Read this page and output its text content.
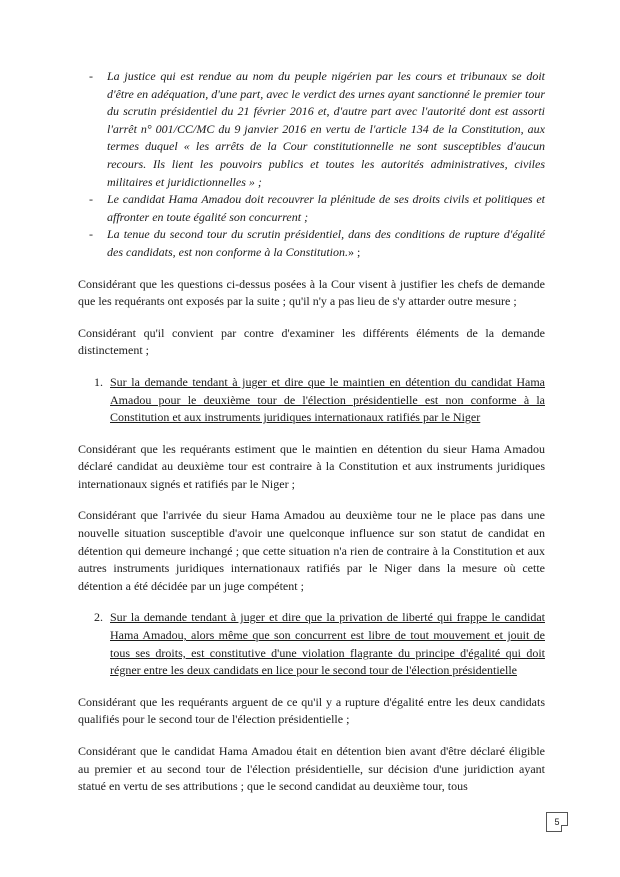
- La justice qui est rendue au nom du peuple nigérien par les cours et tribunaux se doit d'être en adéquation, d'une part, avec le verdict des urnes ayant sanctionné le premier tour du scrutin présidentiel du 21 février 2016 et, d'autre part avec l'autorité dont est assorti l'arrêt n° 001/CC/MC du 9 janvier 2016 en vertu de l'article 134 de la Constitution, aux termes duquel « les arrêts de la Cour constitutionnelle ne sont susceptibles d'aucun recours. Ils lient les pouvoirs publics et toutes les autorités administratives, civiles militaires et juridictionnelles » ;
- Le candidat Hama Amadou doit recouvrer la plénitude de ses droits civils et politiques et affronter en toute égalité son concurrent ;
- La tenue du second tour du scrutin présidentiel, dans des conditions de rupture d'égalité des candidats, est non conforme à la Constitution.» ;

Considérant que les questions ci-dessus posées à la Cour visent à justifier les chefs de demande que les requérants ont exposés par la suite ; qu'il n'y a pas lieu de s'y attarder outre mesure ;

Considérant qu'il convient par contre d'examiner les différents éléments de la demande distinctement ;

1. Sur la demande tendant à juger et dire que le maintien en détention du candidat Hama Amadou pour le deuxième tour de l'élection présidentielle est non conforme à la Constitution et aux instruments juridiques internationaux ratifiés par le Niger

Considérant que les requérants estiment que le maintien en détention du sieur Hama Amadou déclaré candidat au deuxième tour est contraire à la Constitution et aux instruments juridiques internationaux signés et ratifiés par le Niger ;

Considérant que l'arrivée du sieur Hama Amadou au deuxième tour ne le place pas dans une nouvelle situation susceptible d'avoir une quelconque influence sur son statut de candidat en détention qui demeure inchangé ; que cette situation n'a rien de contraire à la Constitution et aux autres instruments juridiques internationaux ratifiés par le Niger dans la mesure où cette détention a été décidée par un juge compétent ;

2. Sur la demande tendant à juger et dire que la privation de liberté qui frappe le candidat Hama Amadou, alors même que son concurrent est libre de tout mouvement et jouit de tous ses droits, est constitutive d'une violation flagrante du principe d'égalité qui doit régner entre les deux candidats en lice pour le second tour de l'élection présidentielle

Considérant que les requérants arguent de ce qu'il y a rupture d'égalité entre les deux candidats qualifiés pour le second tour de l'élection présidentielle ;

Considérant que le candidat Hama Amadou était en détention bien avant d'être déclaré éligible au premier et au second tour de l'élection présidentielle, sur décision d'une juridiction ayant statué en vertu de ses attributions ; que le second candidat au deuxième tour, tous

5
